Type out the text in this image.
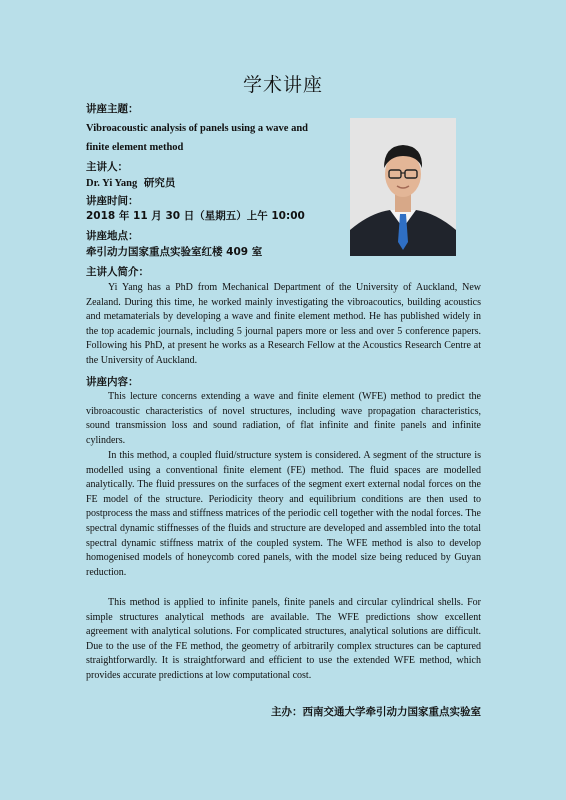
学术讲座
讲座主题：
Vibroacoustic analysis of panels using a wave and
finite element method
主讲人：
Dr. Yi Yang 研究员
讲座时间：
2018 年 11 月 30 日（星期五）上午 10:00
讲座地点：
牵引动力国家重点实验室红楼 409 室
主讲人简介：

Yi Yang has a PhD from Mechanical Department of the University of Auckland, New Zealand. During this time, he worked mainly investigating the vibroacoutics, building acoustics and metamaterials by developing a wave and finite element method. He has published widely in the top academic journals, including 5 journal papers more or less and over 5 conference papers. Following his PhD, at present he works as a Research Fellow at the Acoustics Research Centre at the University of Auckland.

讲座内容：

This lecture concerns extending a wave and finite element (WFE) method to predict the vibroacoustic characteristics of novel structures, including wave propagation characteristics, sound transmission loss and sound radiation, of flat infinite and finite panels and infinite cylinders.

In this method, a coupled fluid/structure system is considered. A segment of the structure is modelled using a conventional finite element (FE) method. The fluid spaces are modelled analytically. The fluid pressures on the surfaces of the segment exert external nodal forces on the FE model of the structure. Periodicity theory and equilibrium conditions are then used to postprocess the mass and stiffness matrices of the periodic cell together with the nodal forces. The spectral dynamic stiffnesses of the fluids and structure are developed and assembled into the total spectral dynamic stiffness matrix of the coupled system. The WFE method is also to develop homogenised models of honeycomb cored panels, with the model size being reduced by Guyan reduction.

This method is applied to infinite panels, finite panels and circular cylindrical shells. For simple structures analytical methods are available. The WFE predictions show excellent agreement with analytical solutions. For complicated structures, analytical solutions are difficult. Due to the use of the FE method, the geometry of arbitrarily complex structures can be captured straightforwardly. It is straightforward and efficient to use the extended WFE method, which provides accurate predictions at low computational cost.

主办：西南交通大学牵引动力国家重点实验室
